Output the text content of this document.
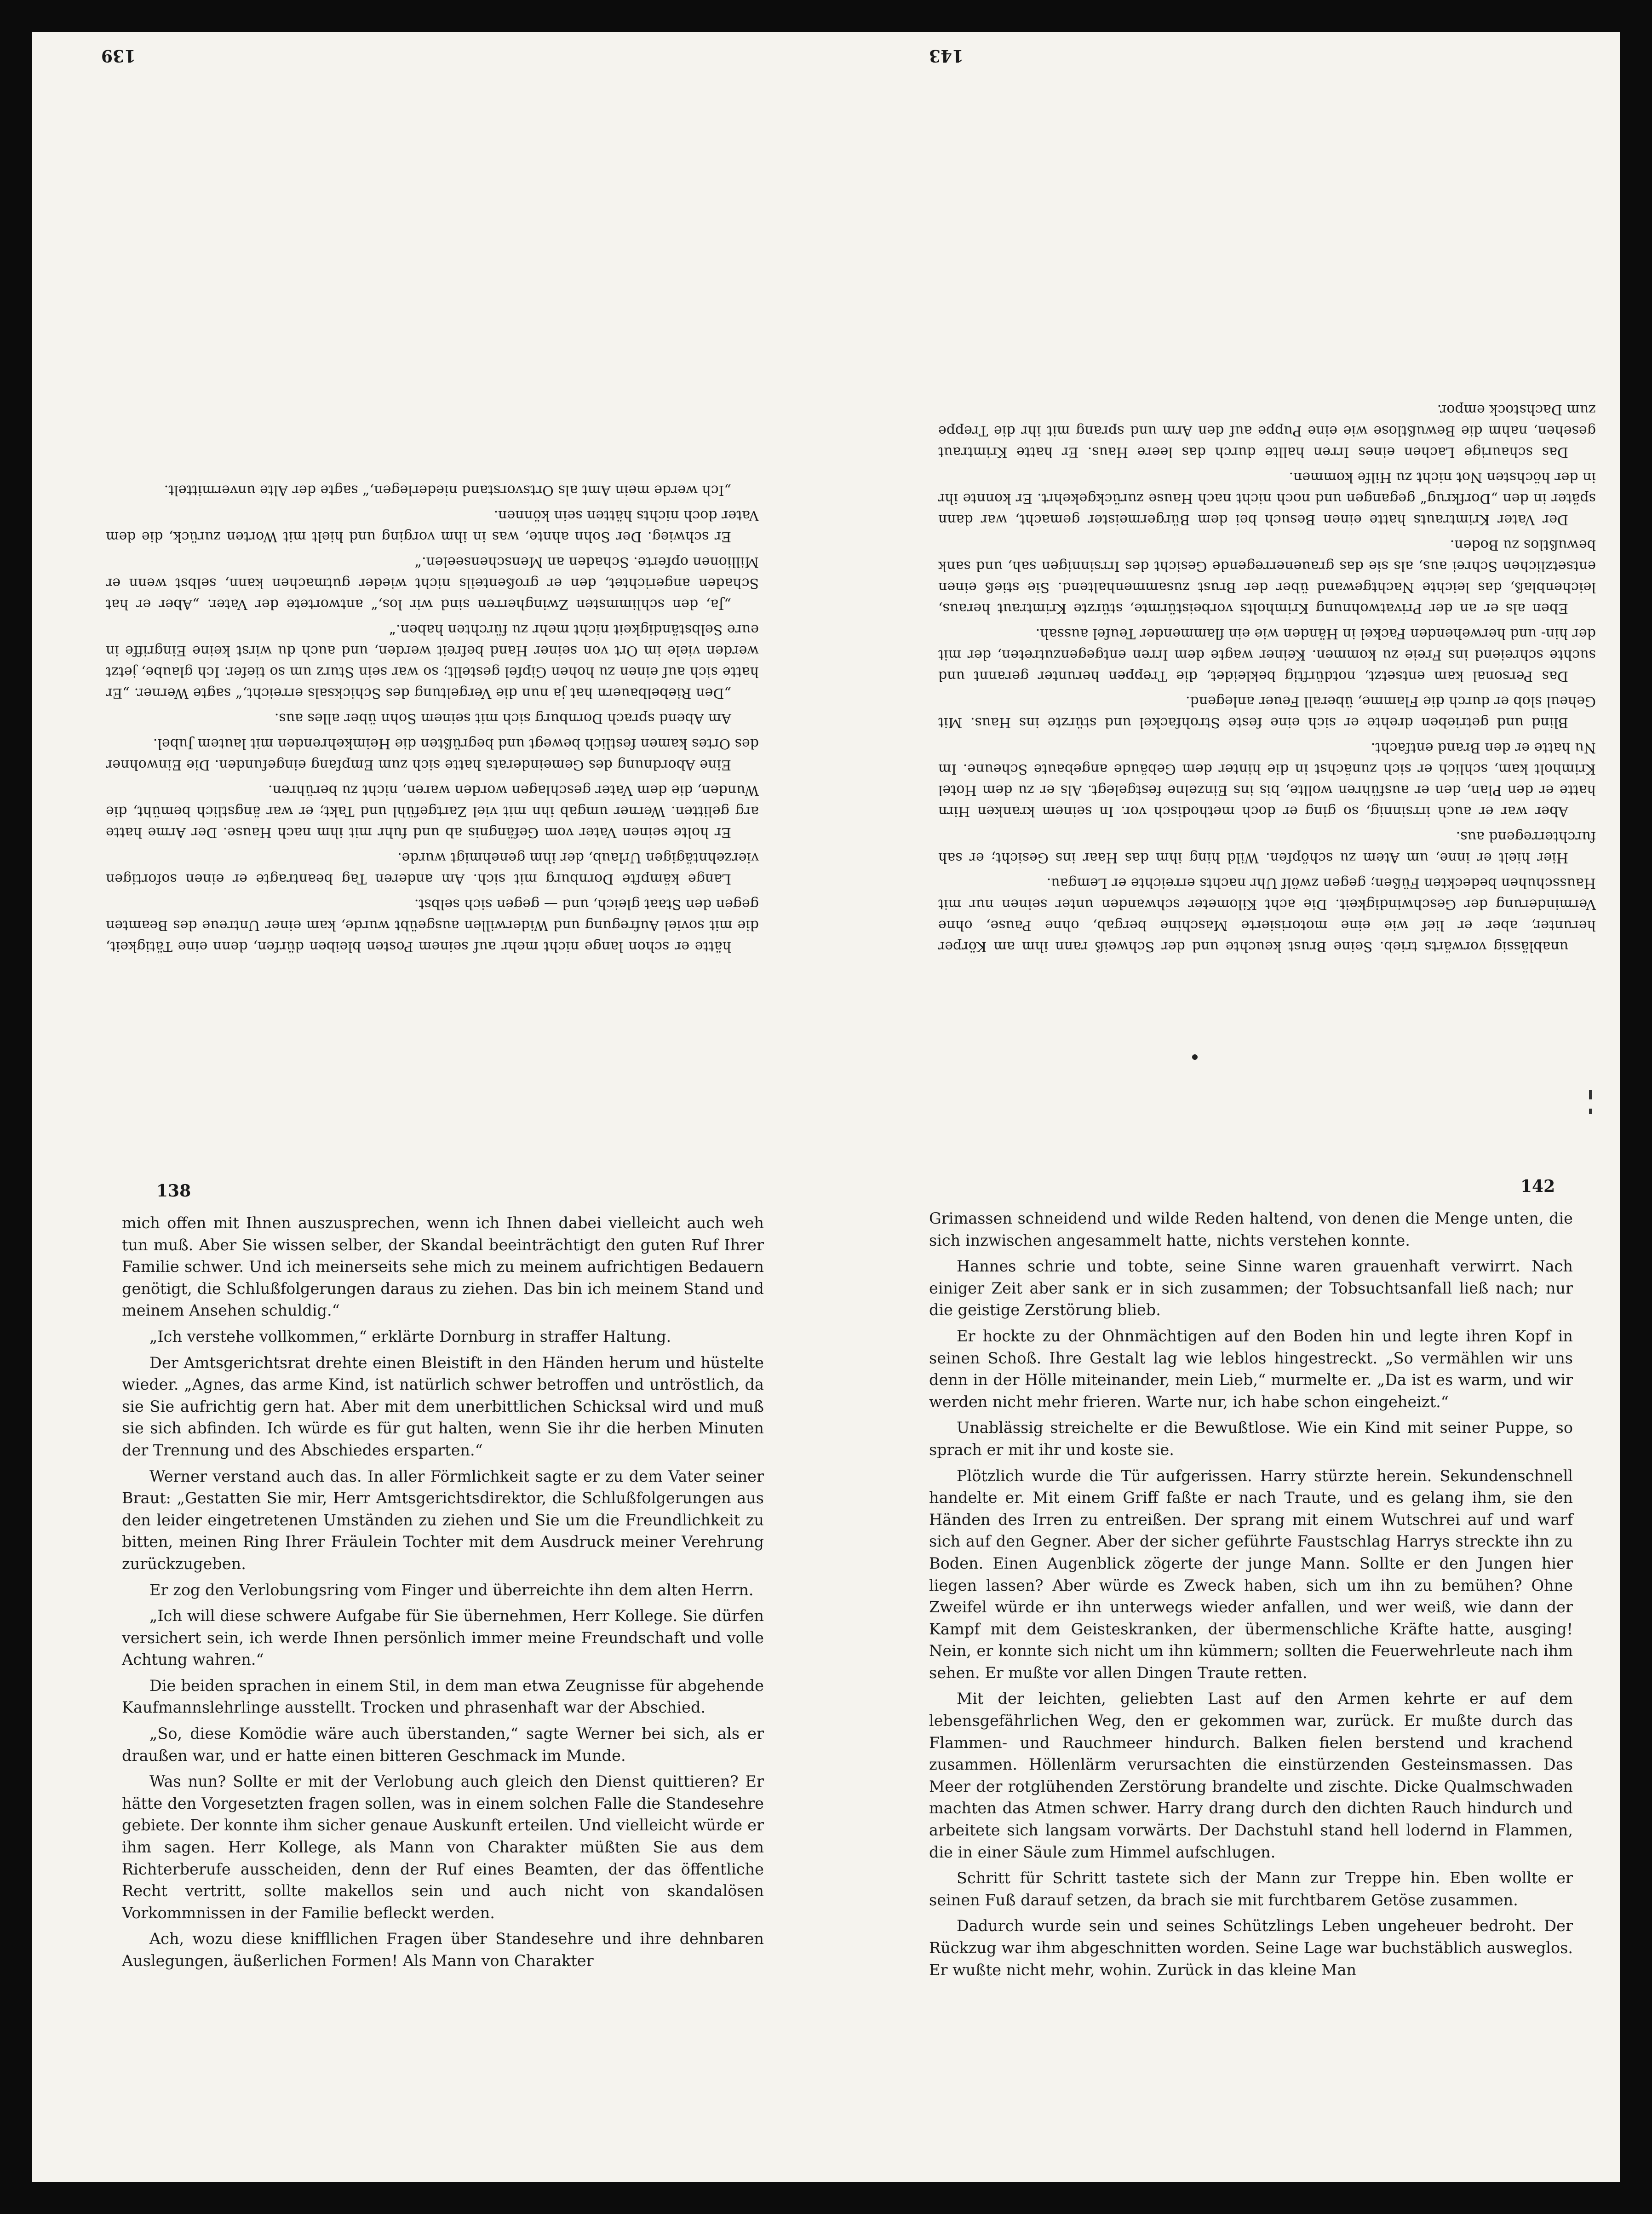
hätte er schon lange nicht mehr auf seinem Posten bleiben dürfen, denn eine Tätigkeit, die mit soviel Aufregung und Widerwillen ausgeübt wurde, kam einer Untreue des Beamten gegen den Staat gleich, und — gegen sich selbst.

Lange kämpfte Dornburg mit sich. Am anderen Tag beantragte er einen sofortigen vierzehntägigen Urlaub, der ihm genehmigt wurde.

Er holte seinen Vater vom Gefängnis ab und fuhr mit ihm nach Hause. Der Arme hatte arg gelitten. Werner umgab ihn mit viel Zartgefühl und Takt; er war ängstlich bemüht, die Wunden, die dem Vater geschlagen worden waren, nicht zu berühren.

Eine Abordnung des Gemeinderats hatte sich zum Empfang eingefunden. Die Einwohner des Ortes kamen festlich bewegt und begrüßten die Heimkehrenden mit lautem Jubel.

Am Abend sprach Dornburg sich mit seinem Sohn über alles aus.

„Den Riebelbauern hat ja nun die Vergeltung des Schicksals erreicht,“ sagte Werner. „Er hatte sich auf einen zu hohen Gipfel gestellt; so war sein Sturz um so tiefer. Ich glaube, jetzt werden viele im Ort von seiner Hand befreit werden, und auch du wirst keine Eingriffe in eure Selbständigkeit nicht mehr zu fürchten haben.“

„Ja, den schlimmsten Zwingherren sind wir los,“ antwortete der Vater. „Aber er hat Schaden angerichtet, den er großenteils nicht wieder gutmachen kann, selbst wenn er Millionen opferte. Schaden an Menschenseelen.“

Er schwieg. Der Sohn ahnte, was in ihm vorging und hielt mit Worten zurück, die dem Vater doch nichts hätten sein können.

„Ich werde mein Amt als Ortsvorstand niederlegen,“ sagte der Alte unvermittelt.

139

unablässig vorwärts trieb. Seine Brust keuchte und der Schweiß rann ihm am Körper herunter, aber er lief wie eine motorisierte Maschine bergab, ohne Pause, ohne Verminderung der Geschwindigkeit. Die acht Kilometer schwanden unter seinen nur mit Hausschuhen bedeckten Füßen; gegen zwölf Uhr nachts erreichte er Lemgau.

Hier hielt er inne, um Atem zu schöpfen. Wild hing ihm das Haar ins Gesicht; er sah furchterregend aus.

Aber war er auch irrsinnig, so ging er doch methodisch vor. In seinem kranken Hirn hatte er den Plan, den er ausführen wollte, bis ins Einzelne festgelegt. Als er zu dem Hotel Krimholt kam, schlich er sich zunächst in die hinter dem Gebäude angebaute Scheune. Im Nu hatte er den Brand entfacht.

Blind und getrieben drehte er sich eine feste Strohfackel und stürzte ins Haus. Mit Geheul slob er durch die Flamme, überall Feuer anlegend.

Das Personal kam entsetzt, notdürftig bekleidet, die Treppen herunter gerannt und suchte schreiend ins Freie zu kommen. Keiner wagte dem Irren entgegenzutreten, der mit der hin- und herwehenden Fackel in Händen wie ein flammender Teufel aussah.

Eben als er an der Privatwohnung Krimholts vorbeistürmte, stürzte Krimtraut heraus, leichenblaß, das leichte Nachtgewand über der Brust zusammenhaltend. Sie stieß einen entsetzlichen Schrei aus, als sie das grauenerregende Gesicht des Irrsinnigen sah, und sank bewußtlos zu Boden.

Der Vater Krimtrauts hatte einen Besuch bei dem Bürgermeister gemacht, war dann später in den „Dorfkrug“ gegangen und noch nicht nach Hause zurückgekehrt. Er konnte ihr in der höchsten Not nicht zu Hilfe kommen.

Das schaurige Lachen eines Irren hallte durch das leere Haus. Er hatte Krimtraut gesehen, nahm die Bewußtlose wie eine Puppe auf den Arm und sprang mit ihr die Treppe zum Dachstock empor.

143
138	142

mich offen mit Ihnen auszusprechen, wenn ich Ihnen dabei vielleicht auch weh tun muß. Aber Sie wissen selber, der Skandal beeinträchtigt den guten Ruf Ihrer Familie schwer. Und ich meinerseits sehe mich zu meinem aufrichtigen Bedauern genötigt, die Schlußfolgerungen daraus zu ziehen. Das bin ich meinem Stand und meinem Ansehen schuldig.“

„Ich verstehe vollkommen,“ erklärte Dornburg in straffer Haltung.

Der Amtsgerichtsrat drehte einen Bleistift in den Händen herum und hüstelte wieder. „Agnes, das arme Kind, ist natürlich schwer betroffen und untröstlich, da sie Sie aufrichtig gern hat. Aber mit dem unerbittlichen Schicksal wird und muß sie sich abfinden. Ich würde es für gut halten, wenn Sie ihr die herben Minuten der Trennung und des Abschiedes ersparten.“

Werner verstand auch das. In aller Förmlichkeit sagte er zu dem Vater seiner Braut: „Gestatten Sie mir, Herr Amtsgerichtsdirektor, die Schlußfolgerungen aus den leider eingetretenen Umständen zu ziehen und Sie um die Freundlichkeit zu bitten, meinen Ring Ihrer Fräulein Tochter mit dem Ausdruck meiner Verehrung zurückzugeben.

Er zog den Verlobungsring vom Finger und überreichte ihn dem alten Herrn.

„Ich will diese schwere Aufgabe für Sie übernehmen, Herr Kollege. Sie dürfen versichert sein, ich werde Ihnen persönlich immer meine Freundschaft und volle Achtung wahren.“

Die beiden sprachen in einem Stil, in dem man etwa Zeugnisse für abgehende Kaufmannslehrlinge ausstellt. Trocken und phrasenhaft war der Abschied.

„So, diese Komödie wäre auch überstanden,“ sagte Werner bei sich, als er draußen war, und er hatte einen bitteren Geschmack im Munde.

Was nun? Sollte er mit der Verlobung auch gleich den Dienst quittieren? Er hätte den Vorgesetzten fragen sollen, was in einem solchen Falle die Standesehre gebiete. Der konnte ihm sicher genaue Auskunft erteilen. Und vielleicht würde er ihm sagen. Herr Kollege, als Mann von Charakter müßten Sie aus dem Richterberufe ausscheiden, denn der Ruf eines Beamten, der das öffentliche Recht vertritt, sollte makellos sein und auch nicht von skandalösen Vorkommnissen in der Familie befleckt werden.

Ach, wozu diese kniffllichen Fragen über Standesehre und ihre dehnbaren Auslegungen, äußerlichen Formen! Als Mann von Charakter

Grimassen schneidend und wilde Reden haltend, von denen die Menge unten, die sich inzwischen angesammelt hatte, nichts verstehen konnte.

Hannes schrie und tobte, seine Sinne waren grauenhaft verwirrt. Nach einiger Zeit aber sank er in sich zusammen; der Tobsuchtsanfall ließ nach; nur die geistige Zerstörung blieb.

Er hockte zu der Ohnmächtigen auf den Boden hin und legte ihren Kopf in seinen Schoß. Ihre Gestalt lag wie leblos hingestreckt. „So vermählen wir uns denn in der Hölle miteinander, mein Lieb,“ murmelte er. „Da ist es warm, und wir werden nicht mehr frieren. Warte nur, ich habe schon eingeheizt.“

Unablässig streichelte er die Bewußtlose. Wie ein Kind mit seiner Puppe, so sprach er mit ihr und koste sie.

Plötzlich wurde die Tür aufgerissen. Harry stürzte herein. Sekundenschnell handelte er. Mit einem Griff faßte er nach Traute, und es gelang ihm, sie den Händen des Irren zu entreißen. Der sprang mit einem Wutschrei auf und warf sich auf den Gegner. Aber der sicher geführte Faustschlag Harrys streckte ihn zu Boden. Einen Augenblick zögerte der junge Mann. Sollte er den Jungen hier liegen lassen? Aber würde es Zweck haben, sich um ihn zu bemühen? Ohne Zweifel würde er ihn unterwegs wieder anfallen, und wer weiß, wie dann der Kampf mit dem Geisteskranken, der übermenschliche Kräfte hatte, ausging! Nein, er konnte sich nicht um ihn kümmern; sollten die Feuerwehrleute nach ihm sehen. Er mußte vor allen Dingen Traute retten.

Mit der leichten, geliebten Last auf den Armen kehrte er auf dem lebensgefährlichen Weg, den er gekommen war, zurück. Er mußte durch das Flammen- und Rauchmeer hindurch. Balken fielen berstend und krachend zusammen. Höllenlärm verursachten die einstürzenden Gesteinsmassen. Das Meer der rotglühenden Zerstörung brandelte und zischte. Dicke Qualmschwaden machten das Atmen schwer. Harry drang durch den dichten Rauch hindurch und arbeitete sich langsam vorwärts. Der Dachstuhl stand hell lodernd in Flammen, die in einer Säule zum Himmel aufschlugen.

Schritt für Schritt tastete sich der Mann zur Treppe hin. Eben wollte er seinen Fuß darauf setzen, da brach sie mit furchtbarem Getöse zusammen.

Dadurch wurde sein und seines Schützlings Leben ungeheuer bedroht. Der Rückzug war ihm abgeschnitten worden. Seine Lage war buchstäblich ausweglos. Er wußte nicht mehr, wohin. Zurück in das kleine Man
